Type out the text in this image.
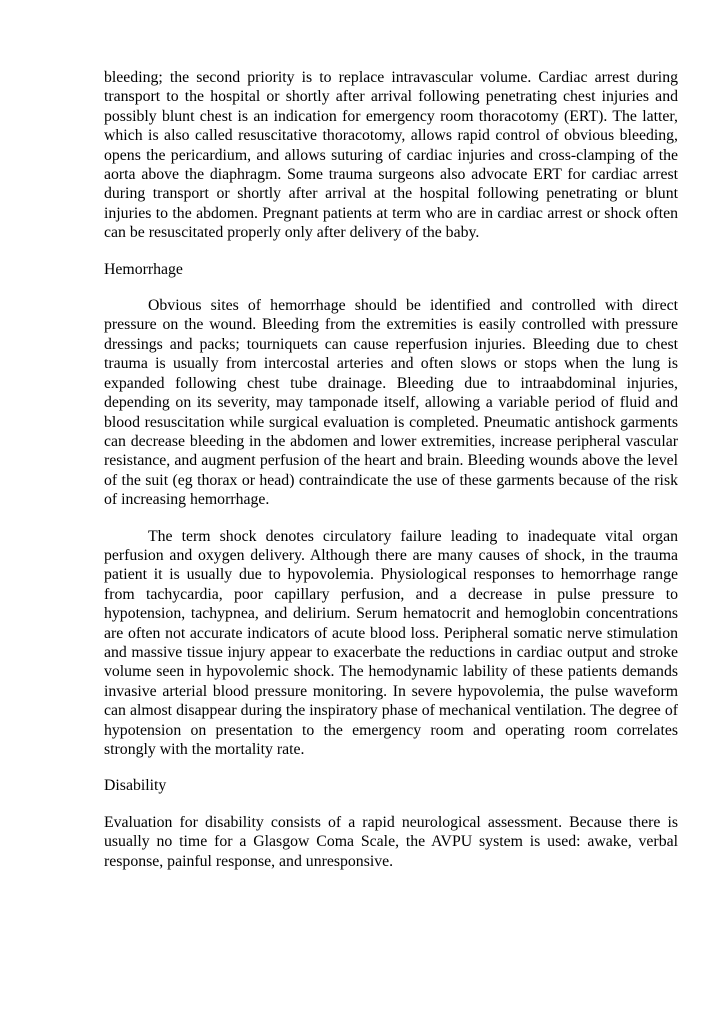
bleeding; the second priority is to replace intravascular volume. Cardiac arrest during transport to the hospital or shortly after arrival following penetrating chest injuries and possibly blunt chest is an indication for emergency room thoracotomy (ERT). The latter, which is also called resuscitative thoracotomy, allows rapid control of obvious bleeding, opens the pericardium, and allows suturing of cardiac injuries and cross-clamping of the aorta above the diaphragm. Some trauma surgeons also advocate ERT for cardiac arrest during transport or shortly after arrival at the hospital following penetrating or blunt injuries to the abdomen. Pregnant patients at term who are in cardiac arrest or shock often can be resuscitated properly only after delivery of the baby.

Hemorrhage

Obvious sites of hemorrhage should be identified and controlled with direct pressure on the wound. Bleeding from the extremities is easily controlled with pressure dressings and packs; tourniquets can cause reperfusion injuries. Bleeding due to chest trauma is usually from intercostal arteries and often slows or stops when the lung is expanded following chest tube drainage. Bleeding due to intraabdominal injuries, depending on its severity, may tamponade itself, allowing a variable period of fluid and blood resuscitation while surgical evaluation is completed. Pneumatic antishock garments can decrease bleeding in the abdomen and lower extremities, increase peripheral vascular resistance, and augment perfusion of the heart and brain. Bleeding wounds above the level of the suit (eg thorax or head) contraindicate the use of these garments because of the risk of increasing hemorrhage.

The term shock denotes circulatory failure leading to inadequate vital organ perfusion and oxygen delivery. Although there are many causes of shock, in the trauma patient it is usually due to hypovolemia. Physiological responses to hemorrhage range from tachycardia, poor capillary perfusion, and a decrease in pulse pressure to hypotension, tachypnea, and delirium. Serum hematocrit and hemoglobin concentrations are often not accurate indicators of acute blood loss. Peripheral somatic nerve stimulation and massive tissue injury appear to exacerbate the reductions in cardiac output and stroke volume seen in hypovolemic shock. The hemodynamic lability of these patients demands invasive arterial blood pressure monitoring. In severe hypovolemia, the pulse waveform can almost disappear during the inspiratory phase of mechanical ventilation. The degree of hypotension on presentation to the emergency room and operating room correlates strongly with the mortality rate.

Disability

Evaluation for disability consists of a rapid neurological assessment. Because there is usually no time for a Glasgow Coma Scale, the AVPU system is used: awake, verbal response, painful response, and unresponsive.
